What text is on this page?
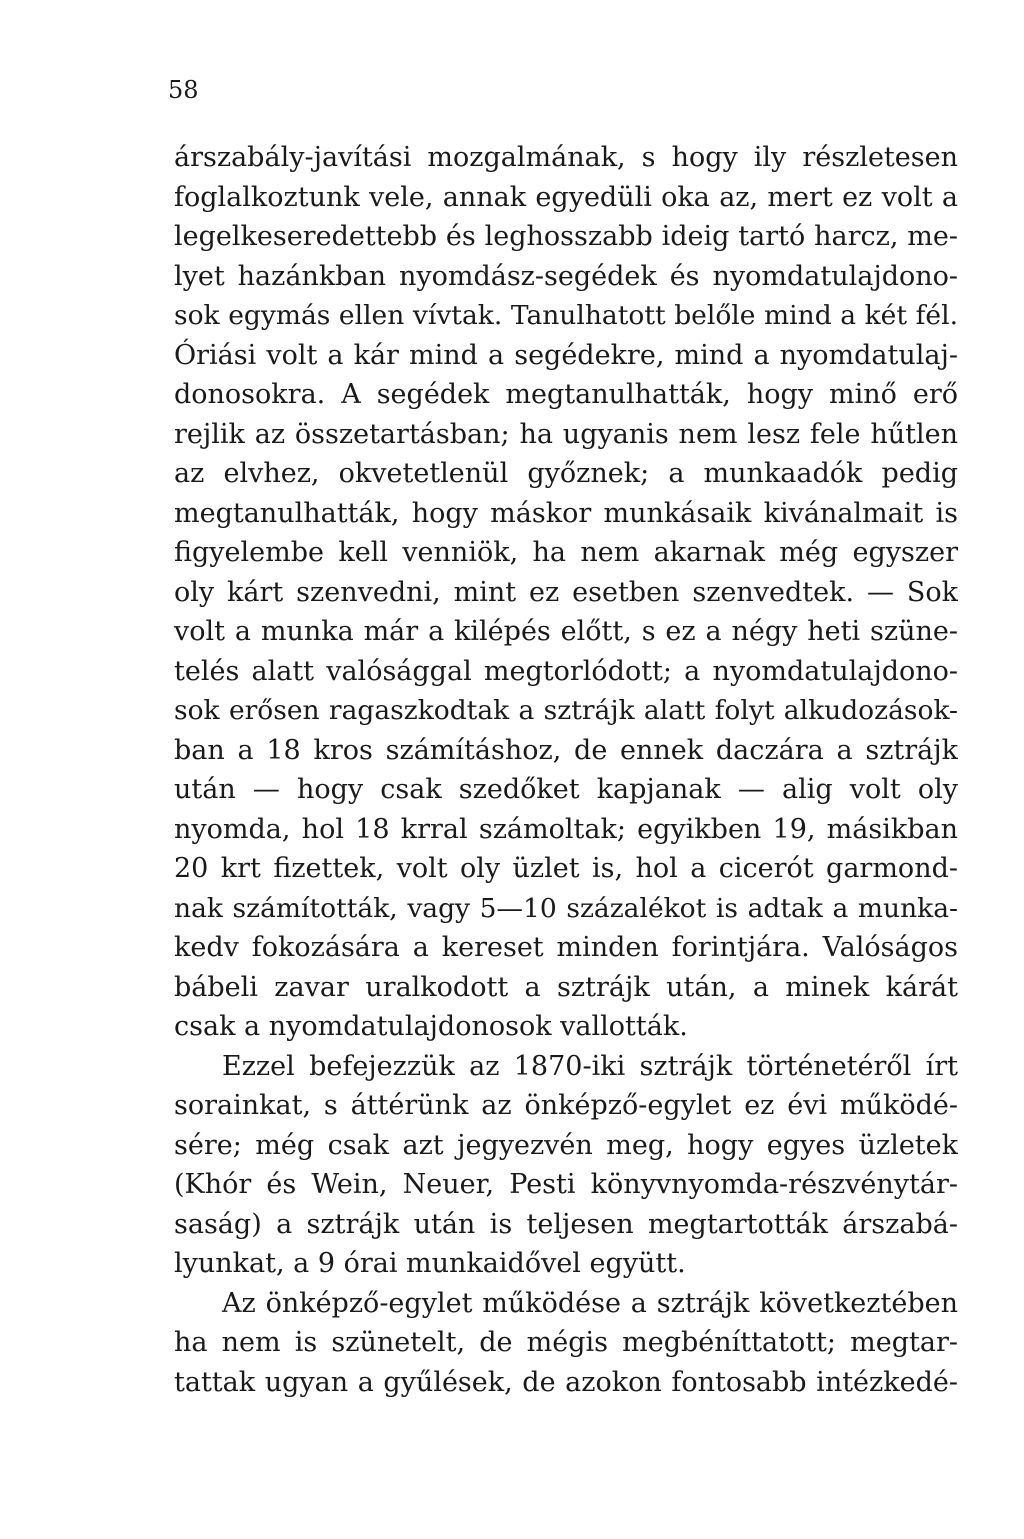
58
árszabály-javítási mozgalmának, s hogy ily részletesen
foglalkoztunk vele, annak egyedüli oka az, mert ez volt a
legelkeseredettebb és leghosszabb ideig tartó harcz, me-
lyet hazánkban nyomdász-segédek és nyomdatulajdono-
sok egymás ellen vívtak. Tanulhatott belőle mind a két fél.
Óriási volt a kár mind a segédekre, mind a nyomdatulaj-
donosokra. A segédek megtanulhatták, hogy minő erő
rejlik az összetartásban; ha ugyanis nem lesz fele hűtlen
az elvhez, okvetetlenül győznek; a munkaadók pedig
megtanulhatták, hogy máskor munkásaik kivánalmait is
figyelembe kell venniök, ha nem akarnak még egyszer
oly kárt szenvedni, mint ez esetben szenvedtek. — Sok
volt a munka már a kilépés előtt, s ez a négy heti szüne-
telés alatt valósággal megtorlódott; a nyomdatulajdono-
sok erősen ragaszkodtak a sztrájk alatt folyt alkudozások-
ban a 18 kros számításhoz, de ennek daczára a sztrájk
után — hogy csak szedőket kapjanak — alig volt oly
nyomda, hol 18 krral számoltak; egyikben 19, másikban
20 krt fizettek, volt oly üzlet is, hol a cicerót garmond-
nak számították, vagy 5—10 százalékot is adtak a munka-
kedv fokozására a kereset minden forintjára. Valóságos
bábeli zavar uralkodott a sztrájk után, a minek kárát
csak a nyomdatulajdonosok vallották.
Ezzel befejezzük az 1870-iki sztrájk történetéről írt
sorainkat, s áttérünk az önképző-egylet ez évi működé-
sére; még csak azt jegyezvén meg, hogy egyes üzletek
(Khór és Wein, Neuer, Pesti könyvnyomda-részvénytár-
saság) a sztrájk után is teljesen megtartották árszabá-
lyunkat, a 9 órai munkaidővel együtt.
Az önképző-egylet működése a sztrájk következtében
ha nem is szünetelt, de mégis megbéníttatott; megtar-
tattak ugyan a gyűlések, de azokon fontosabb intézkedé-
